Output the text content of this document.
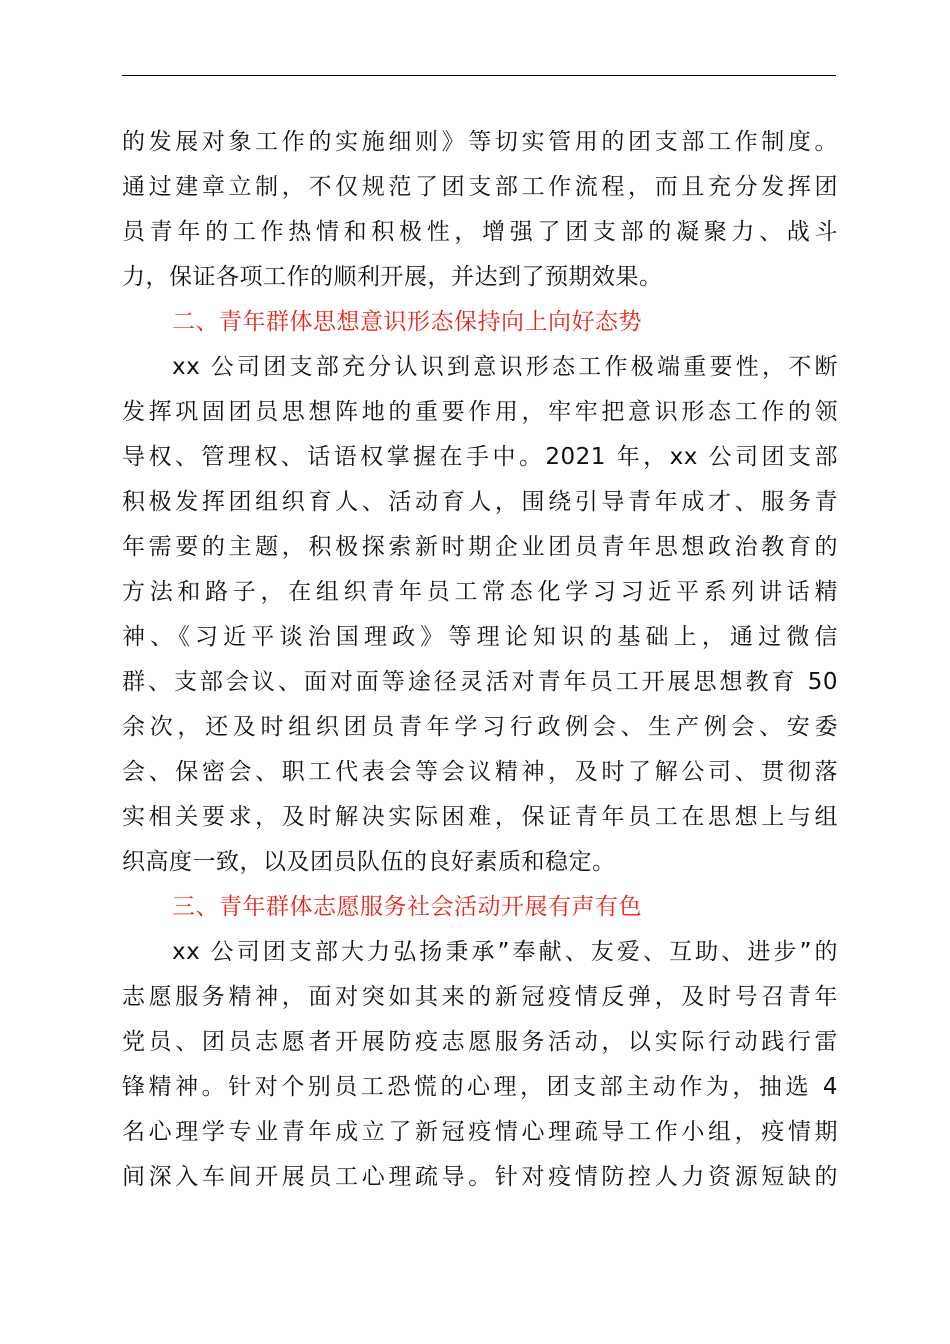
的发展对象工作的实施细则》等切实管用的团支部工作制度。
通过建章立制，不仅规范了团支部工作流程，而且充分发挥团
员青年的工作热情和积极性，增强了团支部的凝聚力、战斗
力，保证各项工作的顺利开展，并达到了预期效果。
二、青年群体思想意识形态保持向上向好态势
xx 公司团支部充分认识到意识形态工作极端重要性，不断
发挥巩固团员思想阵地的重要作用，牢牢把意识形态工作的领
导权、管理权、话语权掌握在手中。2021 年，xx 公司团支部
积极发挥团组织育人、活动育人，围绕引导青年成才、服务青
年需要的主题，积极探索新时期企业团员青年思想政治教育的
方法和路子，在组织青年员工常态化学习习近平系列讲话精
神、《习近平谈治国理政》等理论知识的基础上，通过微信
群、支部会议、面对面等途径灵活对青年员工开展思想教育 50
余次，还及时组织团员青年学习行政例会、生产例会、安委
会、保密会、职工代表会等会议精神，及时了解公司、贯彻落
实相关要求，及时解决实际困难，保证青年员工在思想上与组
织高度一致，以及团员队伍的良好素质和稳定。
三、青年群体志愿服务社会活动开展有声有色
xx 公司团支部大力弘扬秉承”奉献、友爱、互助、进步”的
志愿服务精神，面对突如其来的新冠疫情反弹，及时号召青年
党员、团员志愿者开展防疫志愿服务活动，以实际行动践行雷
锋精神。针对个别员工恐慌的心理，团支部主动作为，抽选 4
名心理学专业青年成立了新冠疫情心理疏导工作小组，疫情期
间深入车间开展员工心理疏导。针对疫情防控人力资源短缺的
